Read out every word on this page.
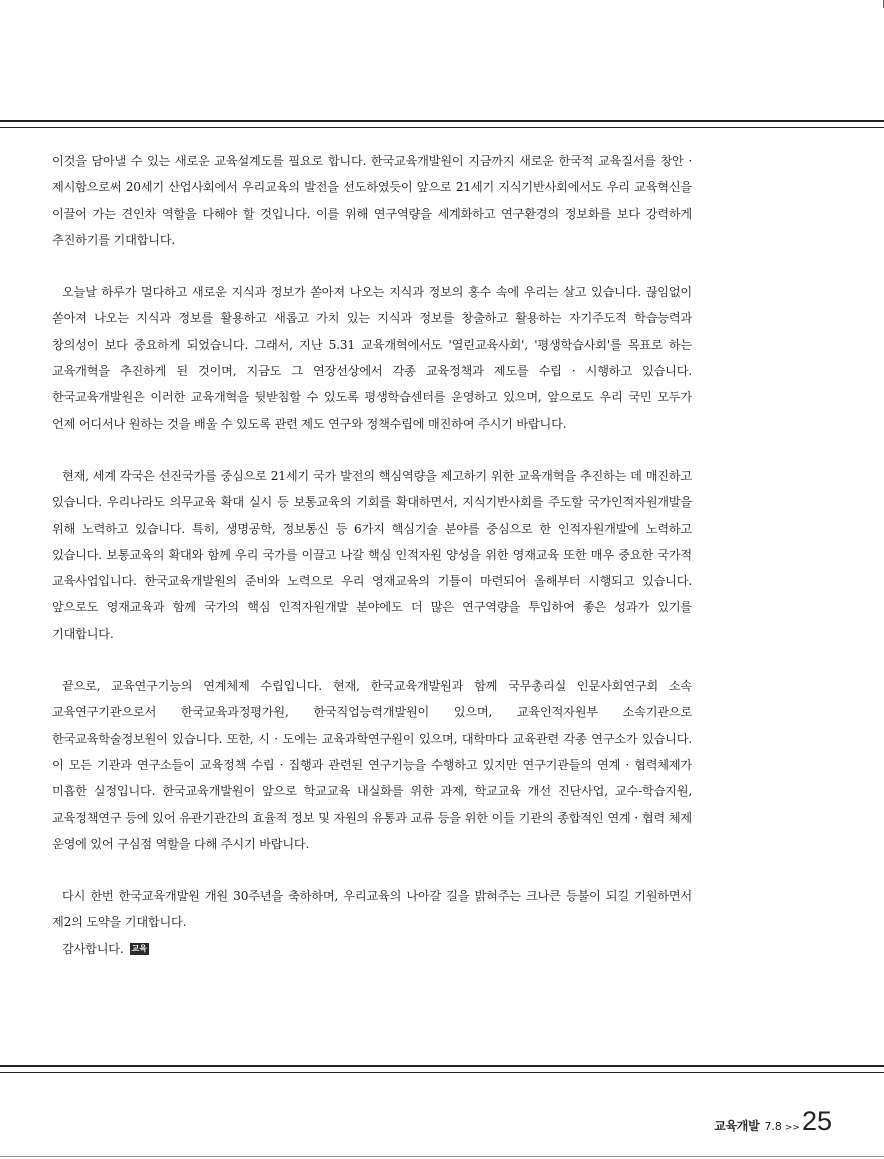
이것을 담아낼 수 있는 새로운 교육설계도를 필요로 합니다. 한국교육개발원이 지금까지 새로운 한국적 교육질서를 창안 · 제시함으로써 20세기 산업사회에서 우리교육의 발전을 선도하였듯이 앞으로 21세기 지식기반사회에서도 우리 교육혁신을 이끌어 가는 견인차 역할을 다해야 할 것입니다. 이를 위해 연구역량을 세계화하고 연구환경의 정보화를 보다 강력하게 추진하기를 기대합니다.

오늘날 하루가 멀다하고 새로운 지식과 정보가 쏟아져 나오는 지식과 정보의 홍수 속에 우리는 살고 있습니다. 끊임없이 쏟아져 나오는 지식과 정보를 활용하고 새롭고 가치 있는 지식과 정보를 창출하고 활용하는 자기주도적 학습능력과 창의성이 보다 중요하게 되었습니다. 그래서, 지난 5.31 교육개혁에서도 '열린교육사회', '평생학습사회'를 목표로 하는 교육개혁을 추진하게 된 것이며, 지금도 그 연장선상에서 각종 교육정책과 제도를 수립 · 시행하고 있습니다. 한국교육개발원은 이러한 교육개혁을 뒷받침할 수 있도록 평생학습센터를 운영하고 있으며, 앞으로도 우리 국민 모두가 언제 어디서나 원하는 것을 배울 수 있도록 관련 제도 연구와 정책수립에 매진하여 주시기 바랍니다.

현재, 세계 각국은 선진국가를 중심으로 21세기 국가 발전의 핵심역량을 제고하기 위한 교육개혁을 추진하는 데 매진하고 있습니다. 우리나라도 의무교육 확대 실시 등 보통교육의 기회를 확대하면서, 지식기반사회를 주도할 국가인적자원개발을 위해 노력하고 있습니다. 특히, 생명공학, 정보통신 등 6가지 핵심기술 분야를 중심으로 한 인적자원개발에 노력하고 있습니다. 보통교육의 확대와 함께 우리 국가를 이끌고 나갈 핵심 인적자원 양성을 위한 영재교육 또한 매우 중요한 국가적 교육사업입니다. 한국교육개발원의 준비와 노력으로 우리 영재교육의 기틀이 마련되어 올해부터 시행되고 있습니다. 앞으로도 영재교육과 함께 국가의 핵심 인적자원개발 분야에도 더 많은 연구역량을 투입하여 좋은 성과가 있기를 기대합니다.

끝으로, 교육연구기능의 연계체제 수립입니다. 현재, 한국교육개발원과 함께 국무총리실 인문사회연구회 소속 교육연구기관으로서 한국교육과정평가원, 한국직업능력개발원이 있으며, 교육인적자원부 소속기관으로 한국교육학술정보원이 있습니다. 또한, 시 · 도에는 교육과학연구원이 있으며, 대학마다 교육관련 각종 연구소가 있습니다. 이 모든 기관과 연구소들이 교육정책 수립 · 집행과 관련된 연구기능을 수행하고 있지만 연구기관들의 연계 · 협력체제가 미흡한 실정입니다. 한국교육개발원이 앞으로 학교교육 내실화를 위한 과제, 학교교육 개선 진단사업, 교수-학습지원, 교육정책연구 등에 있어 유관기관간의 효율적 정보 및 자원의 유통과 교류 등을 위한 이들 기관의 종합적인 연계 · 협력 체제 운영에 있어 구심점 역할을 다해 주시기 바랍니다.

다시 한번 한국교육개발원 개원 30주년을 축하하며, 우리교육의 나아갈 길을 밝혀주는 크나큰 등불이 되길 기원하면서 제2의 도약을 기대합니다.

감사합니다. 교육

교육개발 7.8 >> 25
